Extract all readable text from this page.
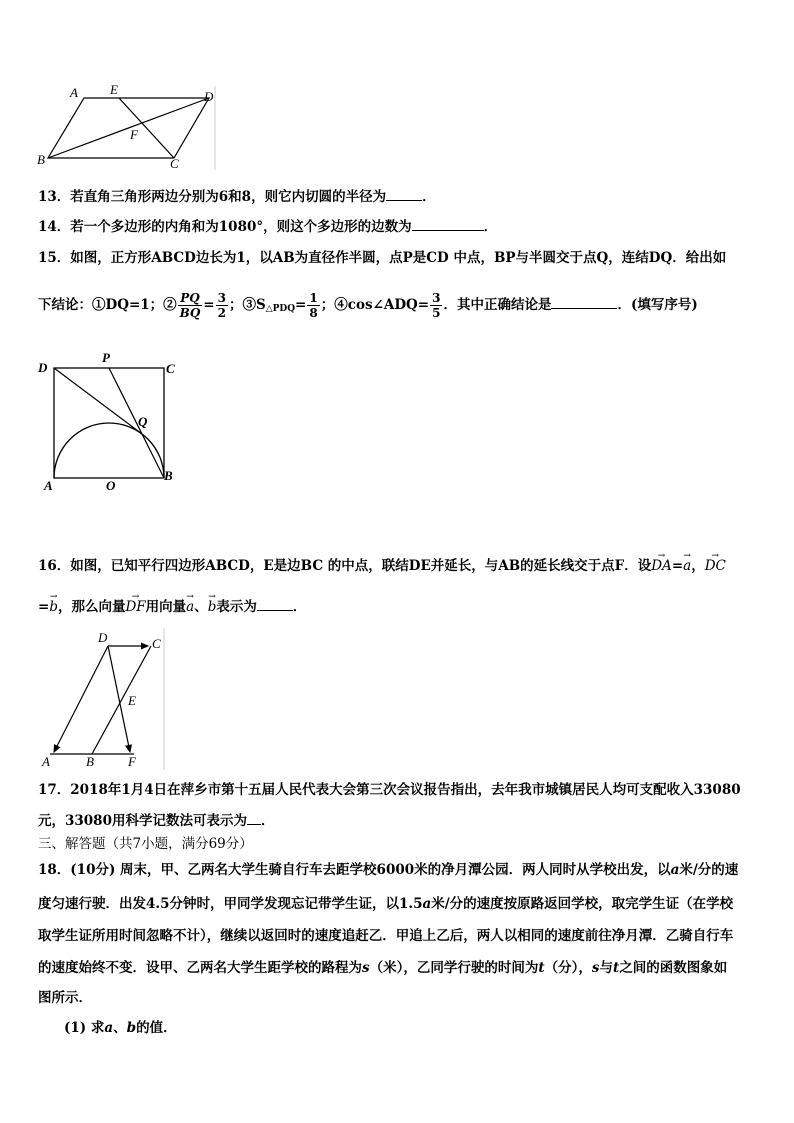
A E	D
F
B	C
13．若直角三角形两边分别为6和8，则它内切圆的半径为	．
14．若一个多边形的内角和为1080°，则这个多边形的边数为	．
15．如图，正方形ABCD边长为1，以AB为直径作半圆，点P是CD 中点，BP与半圆交于点Q，连结DQ．给出如
下结论：①DQ=1；② $\frac{PQ}{BQ} = \frac{3}{2}$ ；$③S_{\triangle PDQ}= \frac{1}{8}$ ；④cos∠ADQ= $\frac{3}{5}$ ．其中正确结论是	．(填写序号)
D
P
C
Q
A	O
B
16．如图，已知平行四边形ABCD，E是边BC 的中点，联结DE并延长，与AB的延长线交于点F．设→ DA=→ a，→ DC
=→ b，那么向量→ DF用向量→ a、→ b表示为	．
D	C
E
A	B	F
17．2018年1月4日在萍乡市第十五届人民代表大会第三次会议报告指出，去年我市城镇居民人均可支配收入33080
元，33080用科学记数法可表示为 ．
三、解答题（共7小题，满分69分）
18．(10分) 周末，甲、乙两名大学生骑自行车去距学校6000米的净月潭公园．两人同时从学校出发，以a米/分的速
度匀速行驶．出发4.5分钟时，甲同学发现忘记带学生证，以1.5a米/分的速度按原路返回学校，取完学生证（在学校
取学生证所用时间忽略不计），继续以返回时的速度追赶乙．甲追上乙后，两人以相同的速度前往净月潭．乙骑自行车
的速度始终不变．设甲、乙两名大学生距学校的路程为s（米），乙同学行驶的时间为t（分），s与t之间的函数图象如
图所示．
(1) 求a、b的值．
